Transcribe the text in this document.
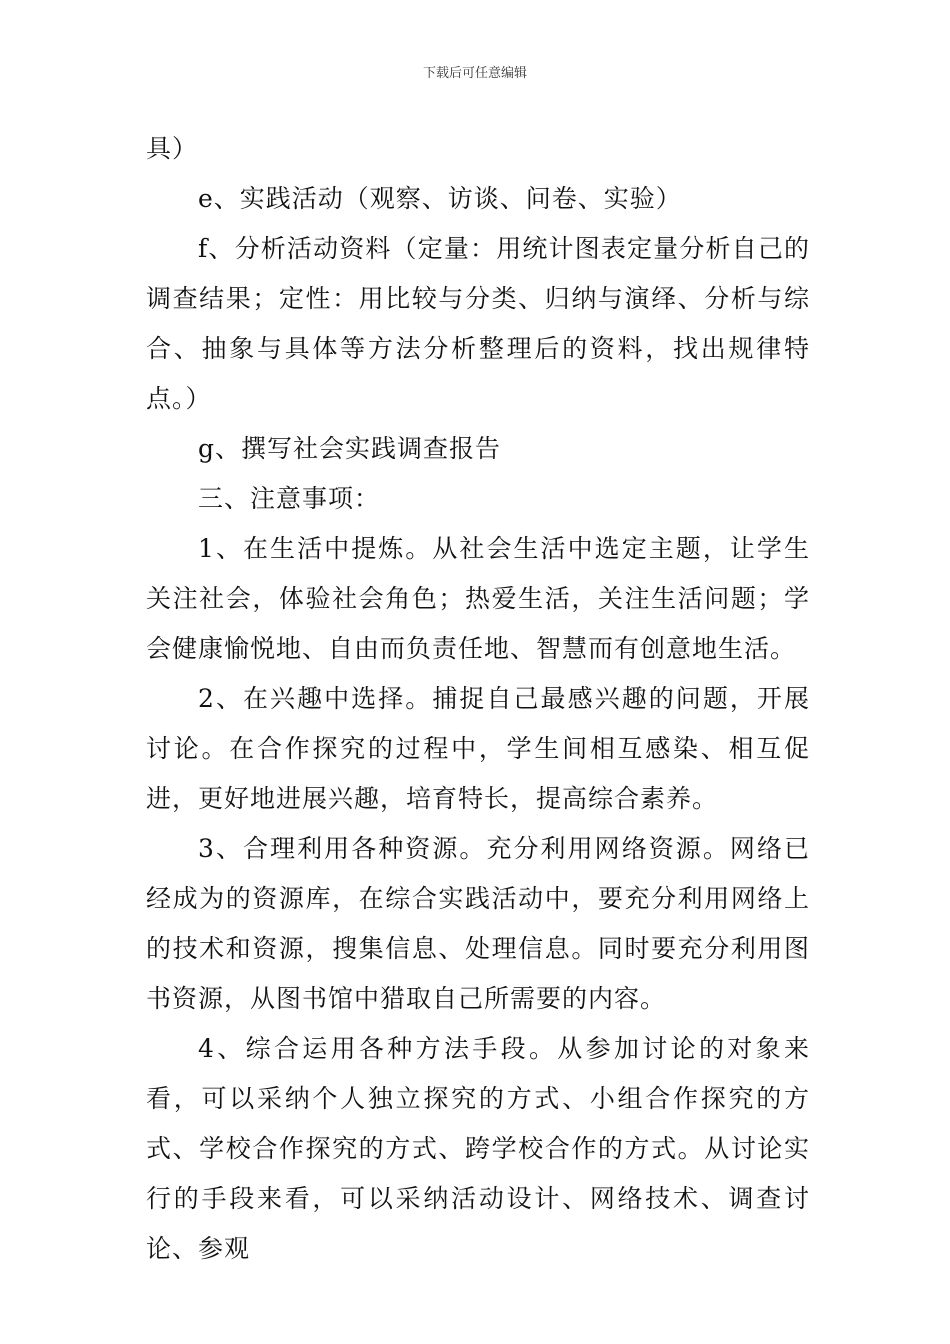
下载后可任意编辑

具）

e、实践活动（观察、访谈、问卷、实验）

f、分析活动资料（定量：用统计图表定量分析自己的调查结果；定性：用比较与分类、归纳与演绎、分析与综合、抽象与具体等方法分析整理后的资料，找出规律特点。）

g、撰写社会实践调查报告

三、注意事项：

1、在生活中提炼。从社会生活中选定主题，让学生关注社会，体验社会角色；热爱生活，关注生活问题；学会健康愉悦地、自由而负责任地、智慧而有创意地生活。

2、在兴趣中选择。捕捉自己最感兴趣的问题，开展讨论。在合作探究的过程中，学生间相互感染、相互促进，更好地进展兴趣，培育特长，提高综合素养。

3、合理利用各种资源。充分利用网络资源。网络已经成为的资源库，在综合实践活动中，要充分利用网络上的技术和资源，搜集信息、处理信息。同时要充分利用图书资源，从图书馆中猎取自己所需要的内容。

4、综合运用各种方法手段。从参加讨论的对象来看，可以采纳个人独立探究的方式、小组合作探究的方式、学校合作探究的方式、跨学校合作的方式。从讨论实行的手段来看，可以采纳活动设计、网络技术、调查讨论、参观
